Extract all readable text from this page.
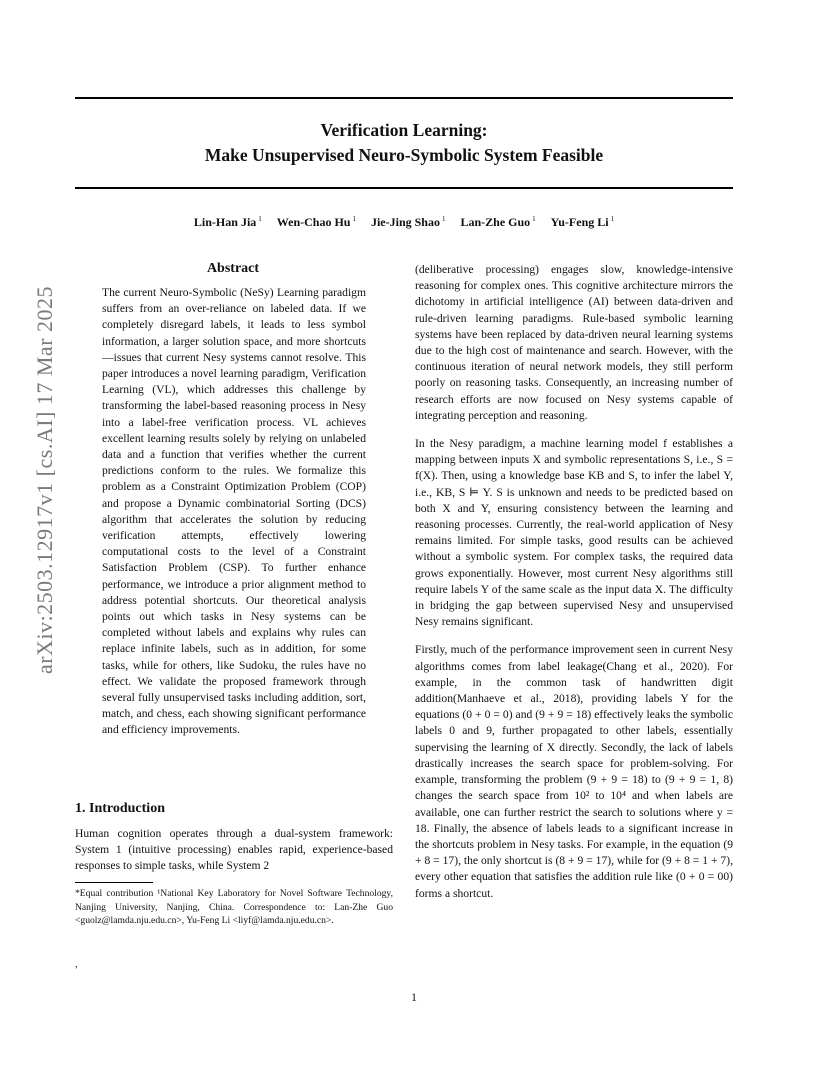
Verification Learning:
Make Unsupervised Neuro-Symbolic System Feasible
Lin-Han Jia $^1$ Wen-Chao Hu $^1$ Jie-Jing Shao $^1$ Lan-Zhe Guo $^1$ Yu-Feng Li $^1$
arXiv:2503.12917v1 [cs.AI] 17 Mar 2025
Abstract
The current Neuro-Symbolic (NeSy) Learning paradigm suffers from an over-reliance on labeled data. If we completely disregard labels, it leads to less symbol information, a larger solution space, and more shortcuts—issues that current Nesy systems cannot resolve. This paper introduces a novel learning paradigm, Verification Learning (VL), which addresses this challenge by transforming the label-based reasoning process in Nesy into a label-free verification process. VL achieves excellent learning results solely by relying on unlabeled data and a function that verifies whether the current predictions conform to the rules. We formalize this problem as a Constraint Optimization Problem (COP) and propose a Dynamic combinatorial Sorting (DCS) algorithm that accelerates the solution by reducing verification attempts, effectively lowering computational costs to the level of a Constraint Satisfaction Problem (CSP). To further enhance performance, we introduce a prior alignment method to address potential shortcuts. Our theoretical analysis points out which tasks in Nesy systems can be completed without labels and explains why rules can replace infinite labels, such as in addition, for some tasks, while for others, like Sudoku, the rules have no effect. We validate the proposed framework through several fully unsupervised tasks including addition, sort, match, and chess, each showing significant performance and efficiency improvements.
1. Introduction
Human cognition operates through a dual-system framework: System 1 (intuitive processing) enables rapid, experience-based responses to simple tasks, while System 2
*Equal contribution ¹National Key Laboratory for Novel Software Technology, Nanjing University, Nanjing, China. Correspondence to: Lan-Zhe Guo <guolz@lamda.nju.edu.cn>, Yu-Feng Li <liyf@lamda.nju.edu.cn>.
,

(deliberative processing) engages slow, knowledge-intensive reasoning for complex ones. This cognitive architecture mirrors the dichotomy in artificial intelligence (AI) between data-driven and rule-driven learning paradigms. Rule-based symbolic learning systems have been replaced by data-driven neural learning systems due to the high cost of maintenance and search. However, with the continuous iteration of neural network models, they still perform poorly on reasoning tasks. Consequently, an increasing number of research efforts are now focused on Nesy systems capable of integrating perception and reasoning.

In the Nesy paradigm, a machine learning model f establishes a mapping between inputs X and symbolic representations S, i.e., S = f(X). Then, using a knowledge base KB and S, to infer the label Y, i.e., KB, S ⊨ Y. S is unknown and needs to be predicted based on both X and Y, ensuring consistency between the learning and reasoning processes. Currently, the real-world application of Nesy remains limited. For simple tasks, good results can be achieved without a symbolic system. For complex tasks, the required data grows exponentially. However, most current Nesy algorithms still require labels Y of the same scale as the input data X. The difficulty in bridging the gap between supervised Nesy and unsupervised Nesy remains significant.

Firstly, much of the performance improvement seen in current Nesy algorithms comes from label leakage(Chang et al., 2020). For example, in the common task of handwritten digit addition(Manhaeve et al., 2018), providing labels Y for the equations (0 + 0 = 0) and (9 + 9 = 18) effectively leaks the symbolic labels 0 and 9, further propagated to other labels, essentially supervising the learning of X directly. Secondly, the lack of labels drastically increases the search space for problem-solving. For example, transforming the problem (9 + 9 = 18) to (9 + 9 = 1, 8) changes the search space from 10² to 10⁴ and when labels are available, one can further restrict the search to solutions where y = 18. Finally, the absence of labels leads to a significant increase in the shortcuts problem in Nesy tasks. For example, in the equation (9 + 8 = 17), the only shortcut is (8 + 9 = 17), while for (9 + 8 = 1 + 7), every other equation that satisfies the addition rule like (0 + 0 = 00) forms a shortcut.

1
